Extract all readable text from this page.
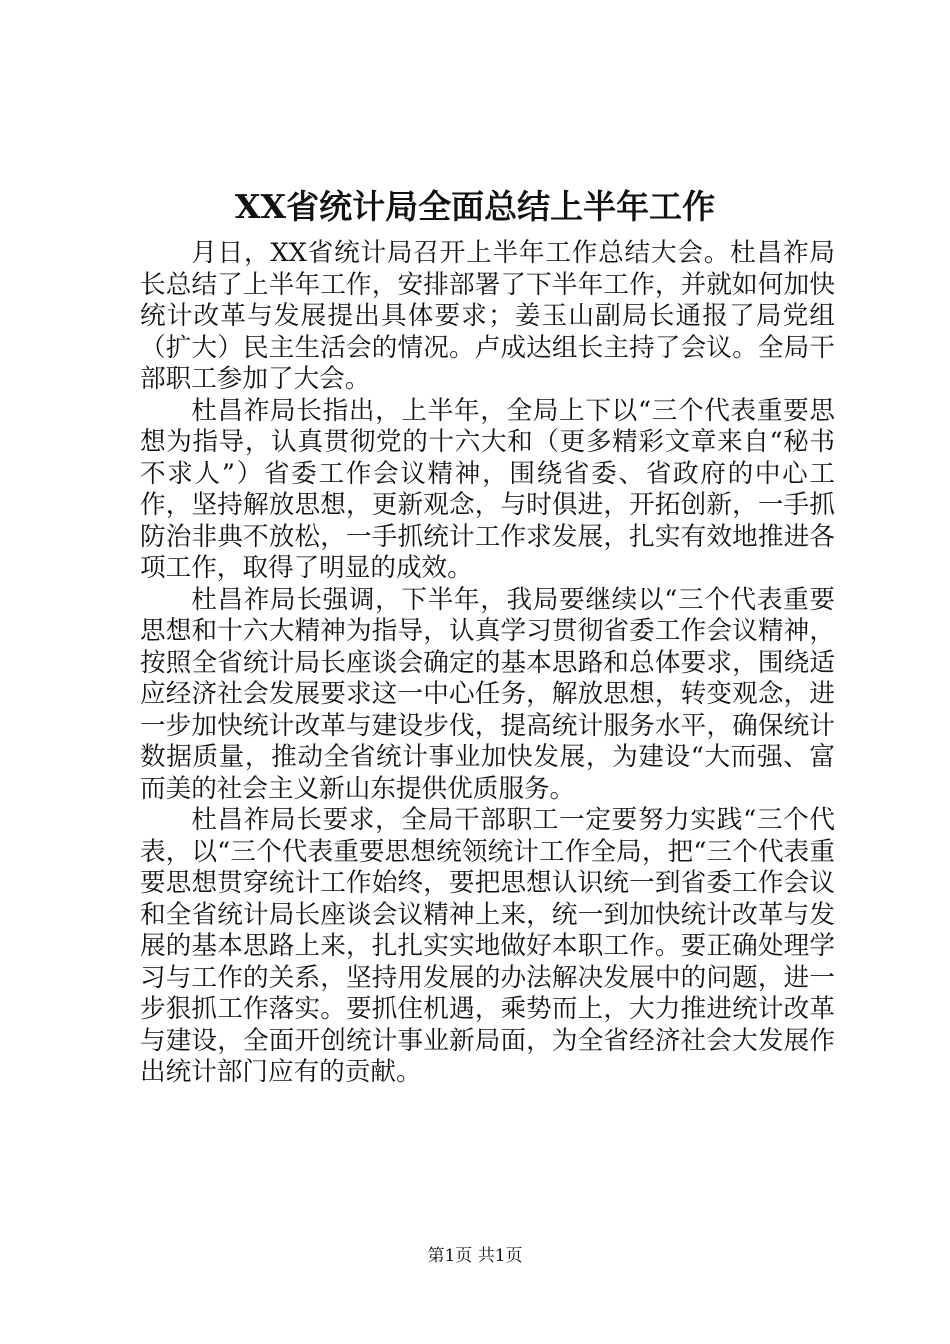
XX省统计局全面总结上半年工作

月日，XX省统计局召开上半年工作总结大会。杜昌祚局长总结了上半年工作，安排部署了下半年工作，并就如何加快统计改革与发展提出具体要求；姜玉山副局长通报了局党组（扩大）民主生活会的情况。卢成达组长主持了会议。全局干部职工参加了大会。

杜昌祚局长指出，上半年，全局上下以“三个代表重要思想为指导，认真贯彻党的十六大和（更多精彩文章来自“秘书不求人”）省委工作会议精神，围绕省委、省政府的中心工作，坚持解放思想，更新观念，与时俱进，开拓创新，一手抓防治非典不放松，一手抓统计工作求发展，扎实有效地推进各项工作，取得了明显的成效。

杜昌祚局长强调，下半年，我局要继续以“三个代表重要思想和十六大精神为指导，认真学习贯彻省委工作会议精神，按照全省统计局长座谈会确定的基本思路和总体要求，围绕适应经济社会发展要求这一中心任务，解放思想，转变观念，进一步加快统计改革与建设步伐，提高统计服务水平，确保统计数据质量，推动全省统计事业加快发展，为建设“大而强、富而美的社会主义新山东提供优质服务。

杜昌祚局长要求，全局干部职工一定要努力实践“三个代表，以“三个代表重要思想统领统计工作全局，把“三个代表重要思想贯穿统计工作始终，要把思想认识统一到省委工作会议和全省统计局长座谈会议精神上来，统一到加快统计改革与发展的基本思路上来，扎扎实实地做好本职工作。要正确处理学习与工作的关系，坚持用发展的办法解决发展中的问题，进一步狠抓工作落实。要抓住机遇，乘势而上，大力推进统计改革与建设，全面开创统计事业新局面，为全省经济社会大发展作出统计部门应有的贡献。

第1页 共1页
